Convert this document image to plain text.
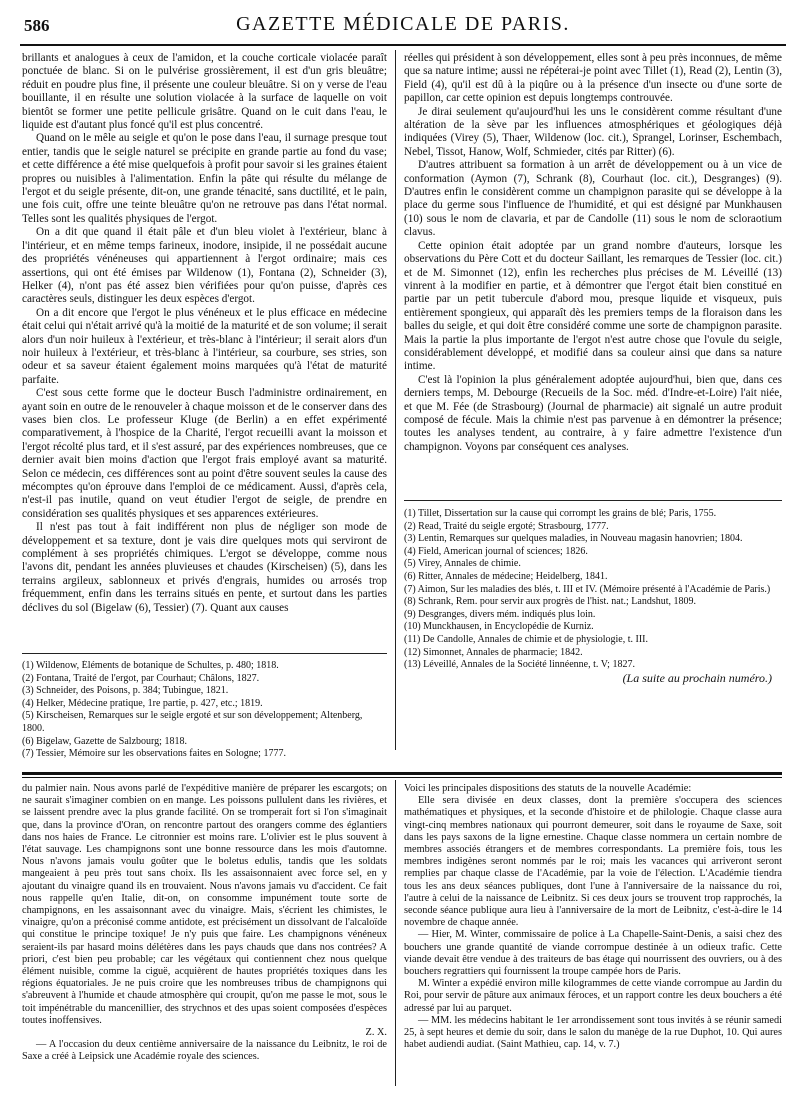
586	GAZETTE MÉDICALE DE PARIS.

brillants et analogues à ceux de l'amidon, et la couche corticale violacée paraît ponctuée de blanc. Si on le pulvérise grossièrement, il est d'un gris bleuâtre; réduit en poudre plus fine, il présente une couleur bleuâtre. Si on y verse de l'eau bouillante, il en résulte une solution violacée à la surface de laquelle on voit bientôt se former une petite pellicule grisâtre. Quand on le cuit dans l'eau, le liquide est d'autant plus foncé qu'il est plus concentré.

Quand on le mêle au seigle et qu'on le pose dans l'eau, il surnage presque tout entier, tandis que le seigle naturel se précipite en grande partie au fond du vase; et cette différence a été mise quelquefois à profit pour savoir si les graines étaient propres ou nuisibles à l'alimentation. Enfin la pâte qui résulte du mélange de l'ergot et du seigle présente, dit-on, une grande ténacité, sans ductilité, et le pain, une fois cuit, offre une teinte bleuâtre qu'on ne retrouve pas dans l'état normal. Telles sont les qualités physiques de l'ergot.

On a dit que quand il était pâle et d'un bleu violet à l'extérieur, blanc à l'intérieur, et en même temps farineux, inodore, insipide, il ne possédait aucune des propriétés vénéneuses qui appartiennent à l'ergot ordinaire; mais ces assertions, qui ont été émises par Wildenow (1), Fontana (2), Schneider (3), Helker (4), n'ont pas été assez bien vérifiées pour qu'on puisse, d'après ces caractères seuls, distinguer les deux espèces d'ergot.

On a dit encore que l'ergot le plus vénéneux et le plus efficace en médecine était celui qui n'était arrivé qu'à la moitié de la maturité et de son volume; il serait alors d'un noir huileux à l'extérieur, et très-blanc à l'intérieur; il serait alors d'un noir huileux à l'extérieur, et très-blanc à l'intérieur, sa courbure, ses stries, son odeur et sa saveur étaient également moins marquées qu'à l'état de maturité parfaite.

C'est sous cette forme que le docteur Busch l'administre ordinairement, en ayant soin en outre de le renouveler à chaque moisson et de le conserver dans des vases bien clos. Le professeur Kluge (de Berlin) a en effet expérimenté comparativement, à l'hospice de la Charité, l'ergot recueilli avant la moisson et l'ergot récolté plus tard, et il s'est assuré, par des expériences nombreuses, que ce dernier avait bien moins d'action que l'ergot frais employé avant sa maturité. Selon ce médecin, ces différences sont au point d'être souvent seules la cause des mécomptes qu'on éprouve dans l'emploi de ce médicament. Aussi, d'après cela, n'est-il pas inutile, quand on veut étudier l'ergot de seigle, de prendre en considération ses qualités physiques et ses apparences extérieures.

Il n'est pas tout à fait indifférent non plus de négliger son mode de développement et sa texture, dont je vais dire quelques mots qui serviront de complément à ses propriétés chimiques. L'ergot se développe, comme nous l'avons dit, pendant les années pluvieuses et chaudes (Kirscheisen) (5), dans les terrains argileux, sablonneux et privés d'engrais, humides ou arrosés trop fréquemment, enfin dans les terrains situés en pente, et surtout dans les parties déclives du sol (Bigelaw (6), Tessier) (7). Quant aux causes

réelles qui président à son développement, elles sont à peu près inconnues, de même que sa nature intime; aussi ne répéterai-je point avec Tillet (1), Read (2), Lentin (3), Field (4), qu'il est dû à la piqûre ou à la présence d'un insecte ou d'une sorte de papillon, car cette opinion est depuis longtemps controuvée.

Je dirai seulement qu'aujourd'hui les uns le considèrent comme résultant d'une altération de la sève par les influences atmosphériques et géologiques déjà indiquées (Virey (5), Thaer, Wildenow (loc. cit.), Sprangel, Lorinser, Eschembach, Nebel, Tissot, Hanow, Wolf, Schmieder, cités par Ritter) (6).

D'autres attribuent sa formation à un arrêt de développement ou à un vice de conformation (Aymon (7), Schrank (8), Courhaut (loc. cit.), Desgranges) (9). D'autres enfin le considèrent comme un champignon parasite qui se développe à la place du germe sous l'influence de l'humidité, et qui est désigné par Munkhausen (10) sous le nom de clavaria, et par de Candolle (11) sous le nom de scloraotium clavus.

Cette opinion était adoptée par un grand nombre d'auteurs, lorsque les observations du Père Cott et du docteur Saillant, les remarques de Tessier (loc. cit.) et de M. Simonnet (12), enfin les recherches plus précises de M. Léveillé (13) vinrent à la modifier en partie, et à démontrer que l'ergot était bien constitué en partie par un petit tubercule d'abord mou, presque liquide et visqueux, puis entièrement spongieux, qui apparaît dès les premiers temps de la floraison dans les balles du seigle, et qui doit être considéré comme une sorte de champignon parasite. Mais la partie la plus importante de l'ergot n'est autre chose que l'ovule du seigle, considérablement développé, et modifié dans sa couleur ainsi que dans sa nature intime.

C'est là l'opinion la plus généralement adoptée aujourd'hui, bien que, dans ces derniers temps, M. Debourge (Recueils de la Soc. méd. d'Indre-et-Loire) l'ait niée, et que M. Fée (de Strasbourg) (Journal de pharmacie) ait signalé un autre produit composé de fécule. Mais la chimie n'est pas parvenue à en démontrer la présence; toutes les analyses tendent, au contraire, à y faire admettre l'existence d'un champignon. Voyons par conséquent ces analyses.

(1) Wildenow, Éléments de botanique de Schultes, p. 480; 1818.
(2) Fontana, Traité de l'ergot, par Courhaut; Châlons, 1827.
(3) Schneider, des Poisons, p. 384; Tubingue, 1821.
(4) Helker, Médecine pratique, 1re partie, p. 427, etc.; 1819.
(5) Kirscheisen, Remarques sur le seigle ergoté et sur son développement; Altenberg, 1800.
(6) Bigelaw, Gazette de Salzbourg; 1818.
(7) Tessier, Mémoire sur les observations faites en Sologne; 1777.
(1) Tillet, Dissertation sur la cause qui corrompt les grains de blé; Paris, 1755.
(2) Read, Traité du seigle ergoté; Strasbourg, 1777.
(3) Lentin, Remarques sur quelques maladies, in Nouveau magasin hanovrien; 1804.
(4) Field, American journal of sciences; 1826.
(5) Virey, Annales de chimie.
(6) Ritter, Annales de médecine; Heidelberg, 1841.
(7) Aimon, Sur les maladies des blés, t. III et IV. (Mémoire présenté à l'Académie de Paris.)
(8) Schrank, Rem. pour servir aux progrès de l'hist. nat.; Landshut, 1809.
(9) Desgranges, divers mém. indiqués plus loin.
(10) Munckhausen, in Encyclopédie de Kurniz.
(11) De Candolle, Annales de chimie et de physiologie, t. III.
(12) Simonnet, Annales de pharmacie; 1842.
(13) Léveillé, Annales de la Société linnéenne, t. V; 1827.
(La suite au prochain numéro.)

du palmier nain. Nous avons parlé de l'expéditive manière de préparer les escargots; on ne saurait s'imaginer combien on en mange. Les poissons pullulent dans les rivières, et se laissent prendre avec la plus grande facilité. On se tromperait fort si l'on s'imaginait que, dans la province d'Oran, on rencontre partout des orangers comme des églantiers dans nos haies de France. Le citronnier est moins rare. L'olivier est le plus souvent à l'état sauvage. Les champignons sont une bonne ressource dans les mois d'automne. Nous n'avons jamais voulu goûter que le boletus edulis, tandis que les soldats mangeaient à peu près tout sans choix. Ils les assaisonnaient avec force sel, en y ajoutant du vinaigre quand ils en trouvaient. Nous n'avons jamais vu d'accident. Ce fait nous rappelle qu'en Italie, dit-on, on consomme impunément toute sorte de champignons, en les assaisonnant avec du vinaigre. Mais, s'écrient les chimistes, le vinaigre, qu'on a préconisé comme antidote, est précisément un dissolvant de l'alcaloïde qui constitue le principe toxique! Je n'y puis que faire. Les champignons vénéneux seraient-ils par hasard moins délétères dans les pays chauds que dans nos contrées? A priori, c'est bien peu probable; car les végétaux qui contiennent chez nous quelque élément nuisible, comme la ciguë, acquièrent de hautes propriétés toxiques dans les régions équatoriales. Je ne puis croire que les nombreuses tribus de champignons qui s'abreuvent à l'humide et chaude atmosphère qui croupit, qu'on me passe le mot, sous le toit impénétrable du mancenillier, des strychnos et des upas soient composées d'espèces toutes inoffensives.

Z. X.

— A l'occasion du deux centième anniversaire de la naissance du Leibnitz, le roi de Saxe a créé à Leipsick une Académie royale des sciences.

Voici les principales dispositions des statuts de la nouvelle Académie:

Elle sera divisée en deux classes, dont la première s'occupera des sciences mathématiques et physiques, et la seconde d'histoire et de philologie. Chaque classe aura vingt-cinq membres nationaux qui pourront demeurer, soit dans le royaume de Saxe, soit dans les pays saxons de la ligne ernestine. Chaque classe nommera un certain nombre de membres associés étrangers et de membres correspondants. La première fois, tous les membres indigènes seront nommés par le roi; mais les vacances qui arriveront seront remplies par chaque classe de l'Académie, par la voie de l'élection. L'Académie tiendra tous les ans deux séances publiques, dont l'une à l'anniversaire de la naissance du roi, l'autre à celui de la naissance de Leibnitz. Si ces deux jours se trouvent trop rapprochés, la seconde séance publique aura lieu à l'anniversaire de la mort de Leibnitz, c'est-à-dire le 14 novembre de chaque année.

— Hier, M. Winter, commissaire de police à La Chapelle-Saint-Denis, a saisi chez des bouchers une grande quantité de viande corrompue destinée à un odieux trafic. Cette viande devait être vendue à des traiteurs de bas étage qui nourrissent des ouvriers, ou à des bouchers regrattiers qui fournissent la troupe campée hors de Paris.

M. Winter a expédié environ mille kilogrammes de cette viande corrompue au Jardin du Roi, pour servir de pâture aux animaux féroces, et un rapport contre les deux bouchers a été adressé par lui au parquet.

— MM. les médecins habitant le 1er arrondissement sont tous invités à se réunir samedi 25, à sept heures et demie du soir, dans le salon du manège de la rue Duphot, 10. Qui aures habet audiendi audiat. (Saint Mathieu, cap. 14, v. 7.)
